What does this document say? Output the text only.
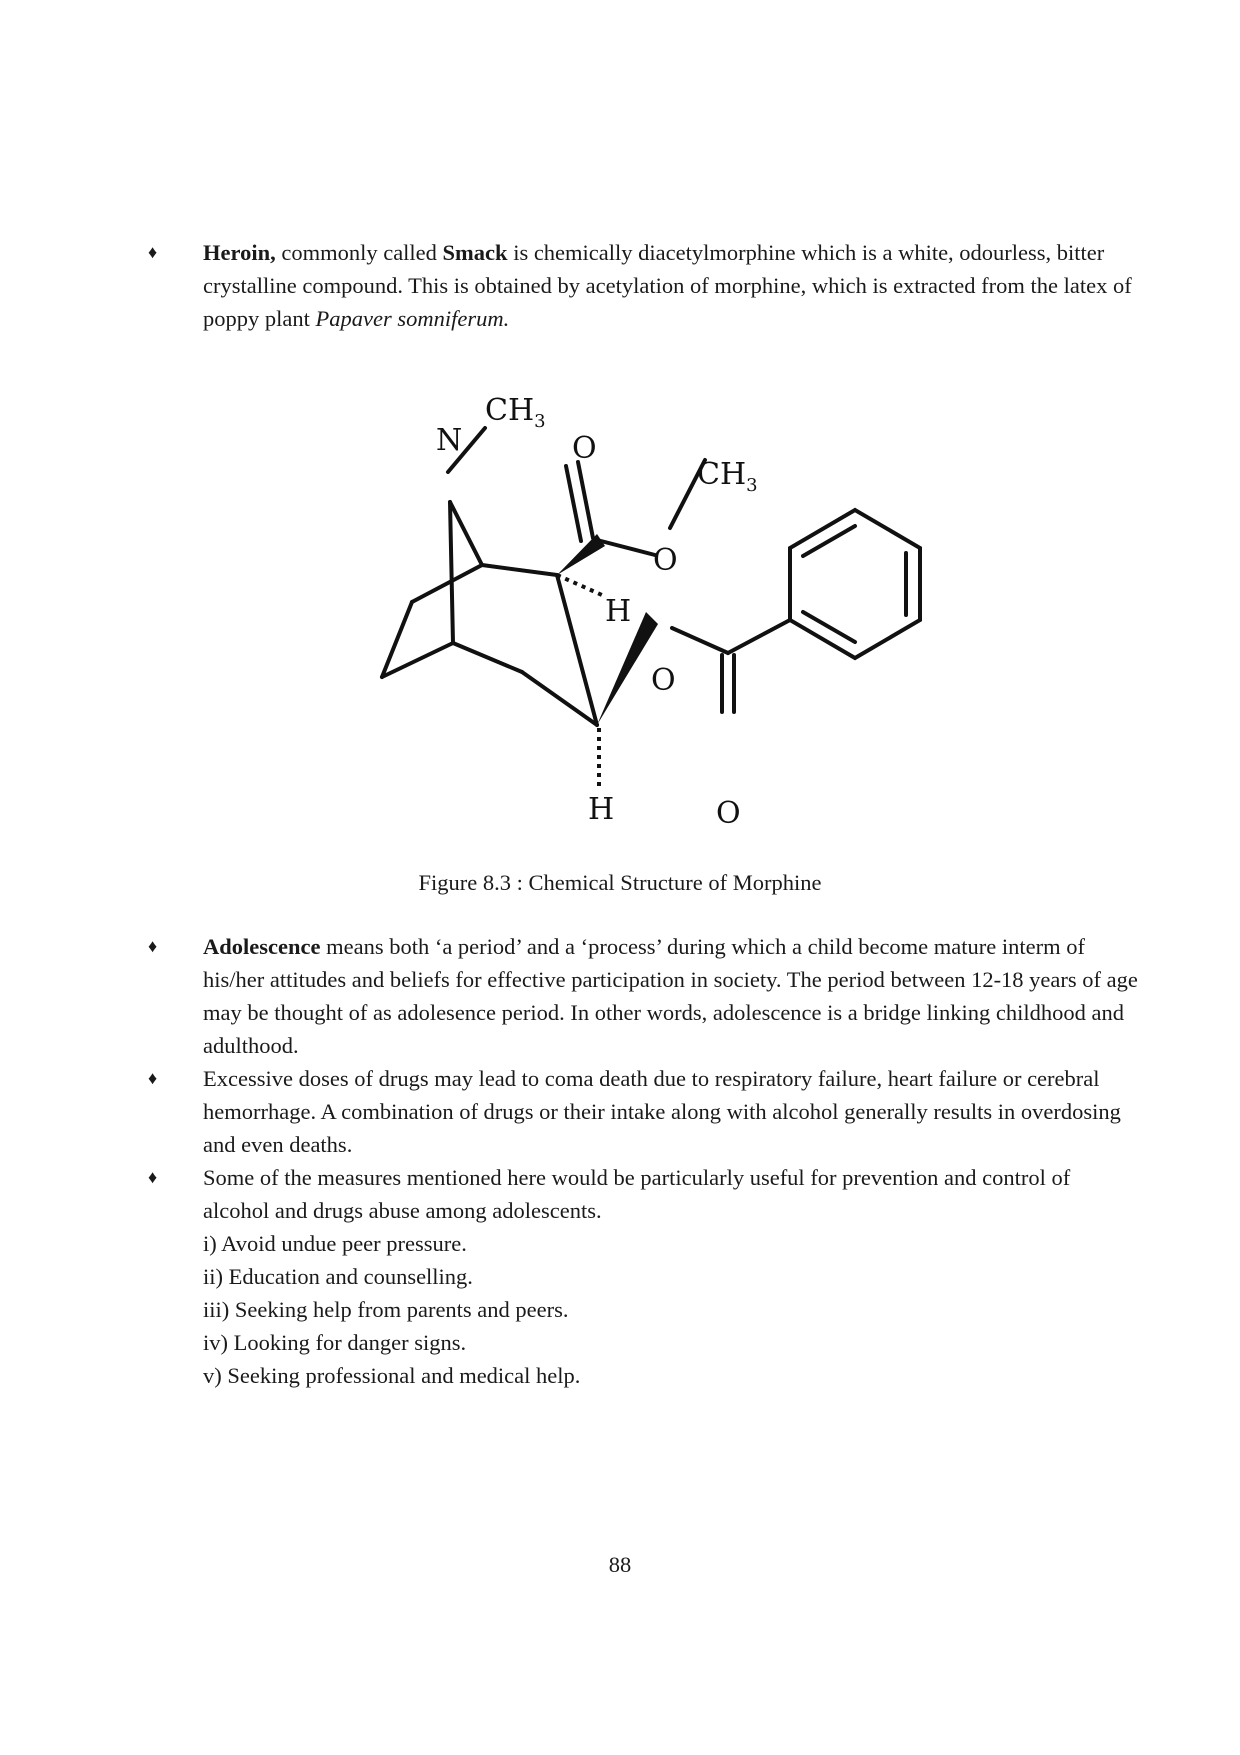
♦ Heroin, commonly called Smack is chemically diacetylmorphine which is a white, odourless, bitter crystalline compound. This is obtained by acetylation of morphine, which is extracted from the latex of poppy plant Papaver somniferum.
N
$CH_3$
O
$CH_3$
O
H
O
H	O
Figure 8.3 : Chemical Structure of Morphine
♦ Adolescence means both ‘a period’ and a ‘process’ during which a child become mature interm of his/her attitudes and beliefs for effective participation in society. The period between 12-18 years of age may be thought of as adolesence period. In other words, adolescence is a bridge linking childhood and adulthood.
♦ Excessive doses of drugs may lead to coma death due to respiratory failure, heart failure or cerebral hemorrhage. A combination of drugs or their intake along with alcohol generally results in overdosing and even deaths.
♦ Some of the measures mentioned here would be particularly useful for prevention and control of alcohol and drugs abuse among adolescents.
i) Avoid undue peer pressure.
ii) Education and counselling.
iii) Seeking help from parents and peers.
iv) Looking for danger signs.
v) Seeking professional and medical help.
88
